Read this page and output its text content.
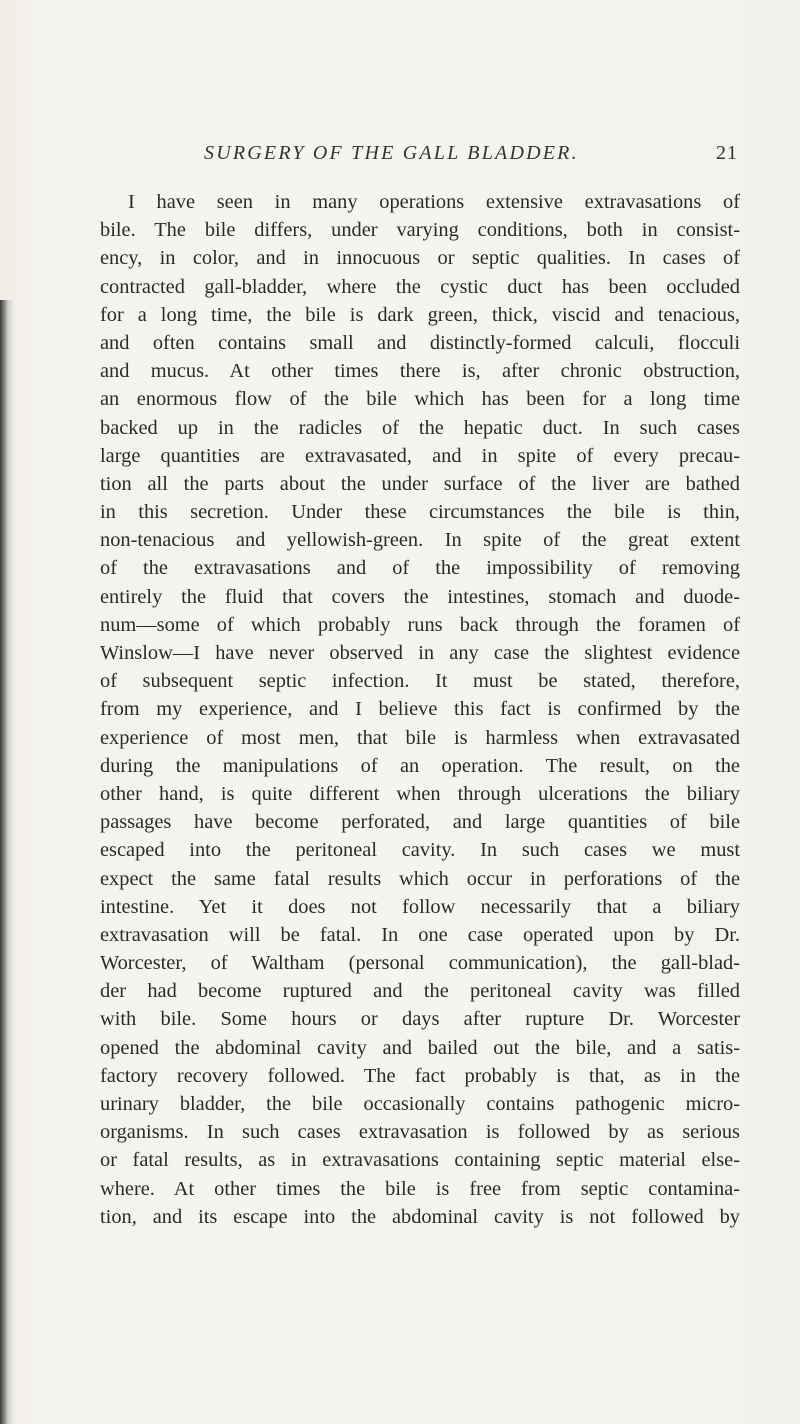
SURGERY OF THE GALL BLADDER.	21
I have seen in many operations extensive extravasations of
bile. The bile differs, under varying conditions, both in consist-
ency, in color, and in innocuous or septic qualities. In cases of
contracted gall-bladder, where the cystic duct has been occluded
for a long time, the bile is dark green, thick, viscid and tenacious,
and often contains small and distinctly-formed calculi, flocculi
and mucus. At other times there is, after chronic obstruction,
an enormous flow of the bile which has been for a long time
backed up in the radicles of the hepatic duct. In such cases
large quantities are extravasated, and in spite of every precau-
tion all the parts about the under surface of the liver are bathed
in this secretion. Under these circumstances the bile is thin,
non-tenacious and yellowish-green. In spite of the great extent
of the extravasations and of the impossibility of removing
entirely the fluid that covers the intestines, stomach and duode-
num—some of which probably runs back through the foramen of
Winslow—I have never observed in any case the slightest evidence
of subsequent septic infection. It must be stated, therefore,
from my experience, and I believe this fact is confirmed by the
experience of most men, that bile is harmless when extravasated
during the manipulations of an operation. The result, on the
other hand, is quite different when through ulcerations the biliary
passages have become perforated, and large quantities of bile
escaped into the peritoneal cavity. In such cases we must
expect the same fatal results which occur in perforations of the
intestine. Yet it does not follow necessarily that a biliary
extravasation will be fatal. In one case operated upon by Dr.
Worcester, of Waltham (personal communication), the gall-blad-
der had become ruptured and the peritoneal cavity was filled
with bile. Some hours or days after rupture Dr. Worcester
opened the abdominal cavity and bailed out the bile, and a satis-
factory recovery followed. The fact probably is that, as in the
urinary bladder, the bile occasionally contains pathogenic micro-
organisms. In such cases extravasation is followed by as serious
or fatal results, as in extravasations containing septic material else-
where. At other times the bile is free from septic contamina-
tion, and its escape into the abdominal cavity is not followed by
